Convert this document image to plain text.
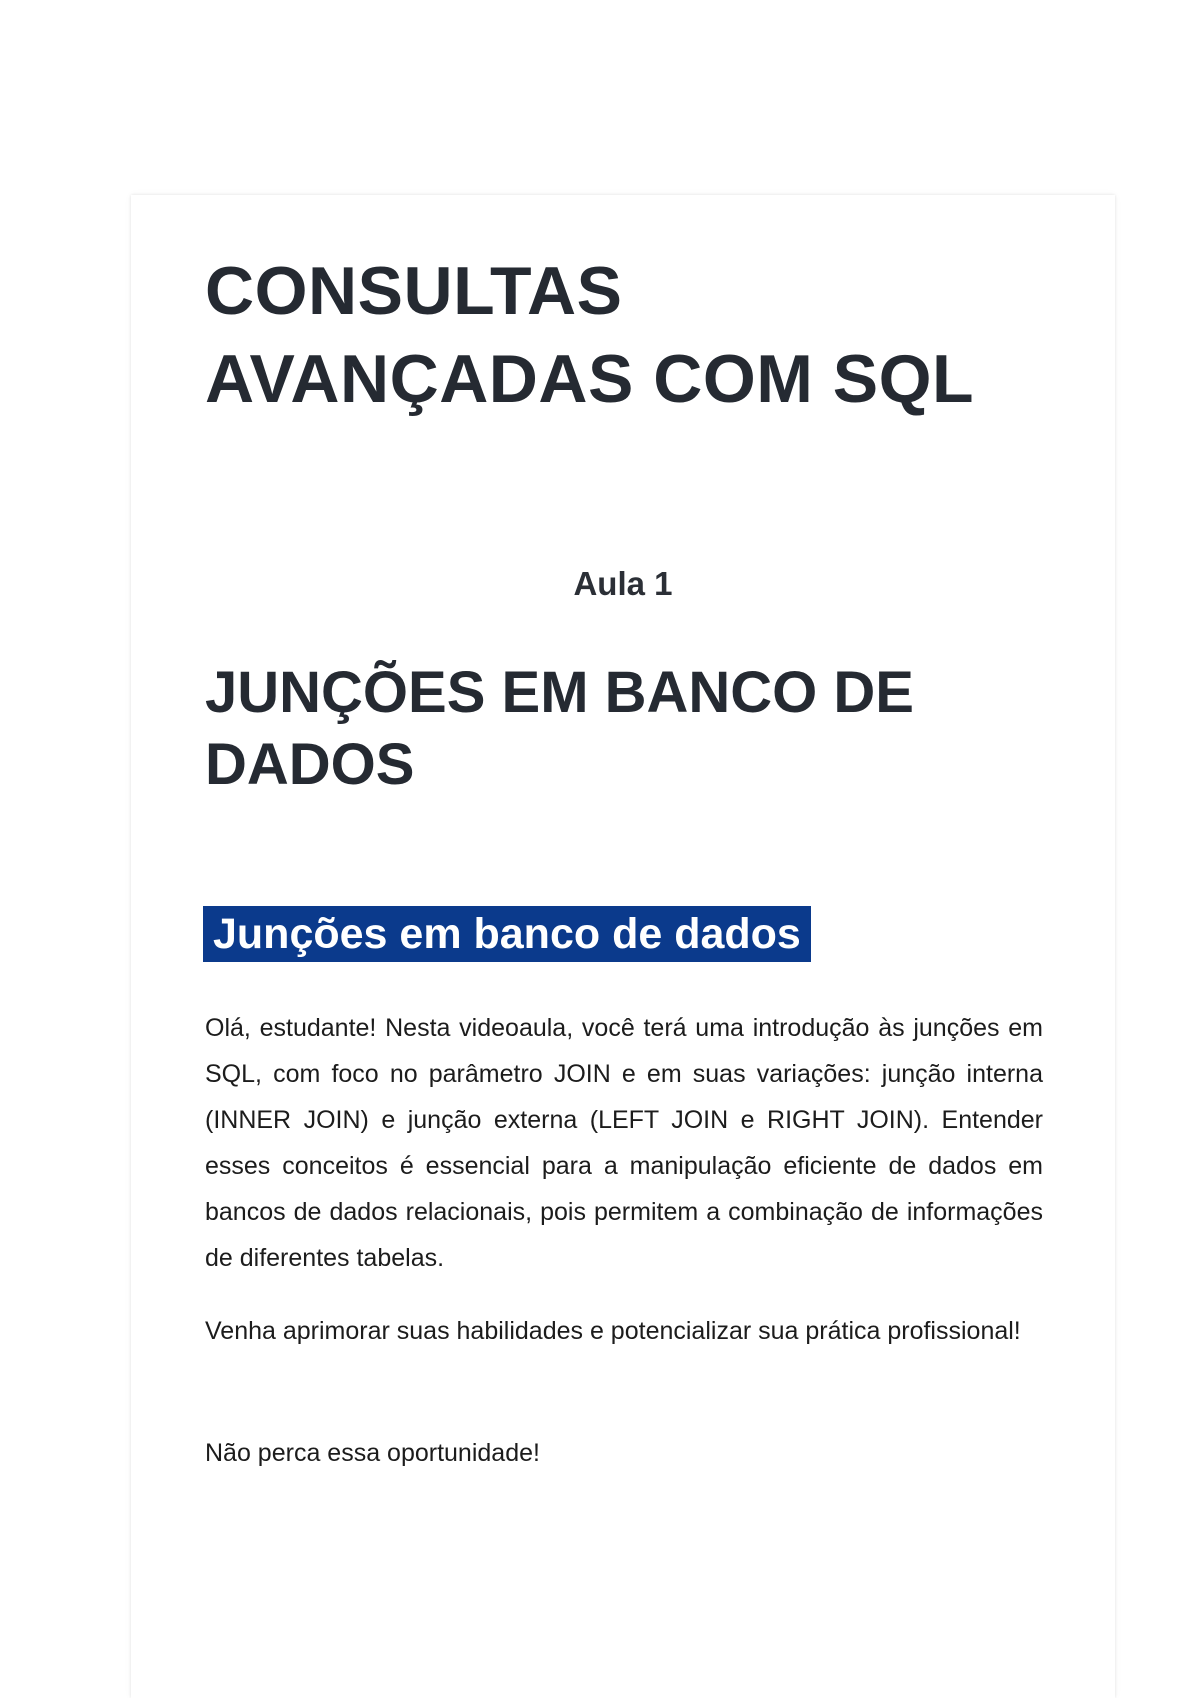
CONSULTAS AVANÇADAS COM SQL
Aula 1
JUNÇÕES EM BANCO DE DADOS
Junções em banco de dados

Olá, estudante! Nesta videoaula, você terá uma introdução às junções em SQL, com foco no parâmetro JOIN e em suas variações: junção interna (INNER JOIN) e junção externa (LEFT JOIN e RIGHT JOIN). Entender esses conceitos é essencial para a manipulação eficiente de dados em bancos de dados relacionais, pois permitem a combinação de informações de diferentes tabelas.

Venha aprimorar suas habilidades e potencializar sua prática profissional!

Não perca essa oportunidade!
